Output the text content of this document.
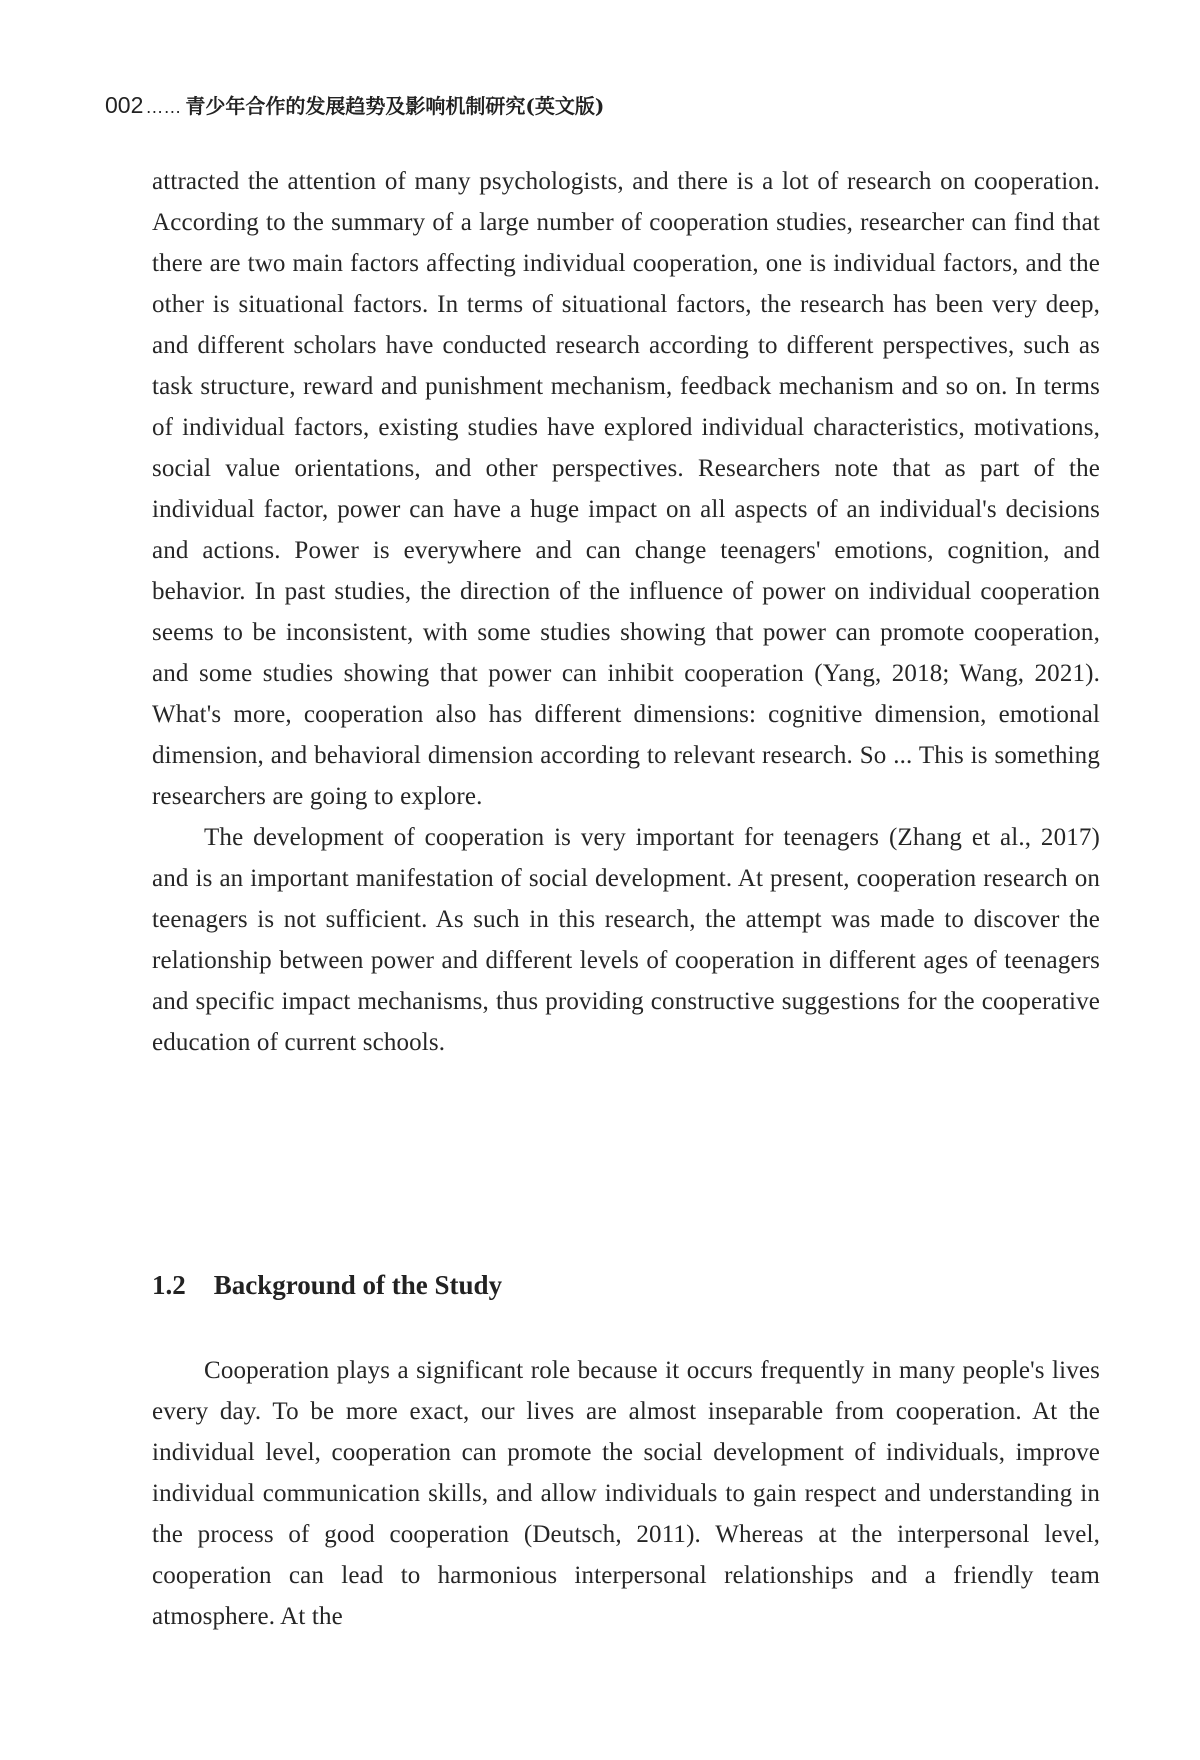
002 …… 青少年合作的发展趋势及影响机制研究(英文版)

attracted the attention of many psychologists, and there is a lot of research on cooperation. According to the summary of a large number of cooperation studies, researcher can find that there are two main factors affecting individual cooperation, one is individual factors, and the other is situational factors. In terms of situational factors, the research has been very deep, and different scholars have conducted research according to different perspectives, such as task structure, reward and punishment mechanism, feedback mechanism and so on. In terms of individual factors, existing studies have explored individual characteristics, motivations, social value orientations, and other perspectives. Researchers note that as part of the individual factor, power can have a huge impact on all aspects of an individual's decisions and actions. Power is everywhere and can change teenagers' emotions, cognition, and behavior. In past studies, the direction of the influence of power on individual cooperation seems to be inconsistent, with some studies showing that power can promote cooperation, and some studies showing that power can inhibit cooperation (Yang, 2018; Wang, 2021). What's more, cooperation also has different dimensions: cognitive dimension, emotional dimension, and behavioral dimension according to relevant research. So ... This is something researchers are going to explore.

The development of cooperation is very important for teenagers (Zhang et al., 2017) and is an important manifestation of social development. At present, cooperation research on teenagers is not sufficient. As such in this research, the attempt was made to discover the relationship between power and different levels of cooperation in different ages of teenagers and specific impact mechanisms, thus providing constructive suggestions for the cooperative education of current schools.

1.2 Background of the Study

Cooperation plays a significant role because it occurs frequently in many people's lives every day. To be more exact, our lives are almost inseparable from cooperation. At the individual level, cooperation can promote the social development of individuals, improve individual communication skills, and allow individuals to gain respect and understanding in the process of good cooperation (Deutsch, 2011). Whereas at the interpersonal level, cooperation can lead to harmonious interpersonal relationships and a friendly team atmosphere. At the
